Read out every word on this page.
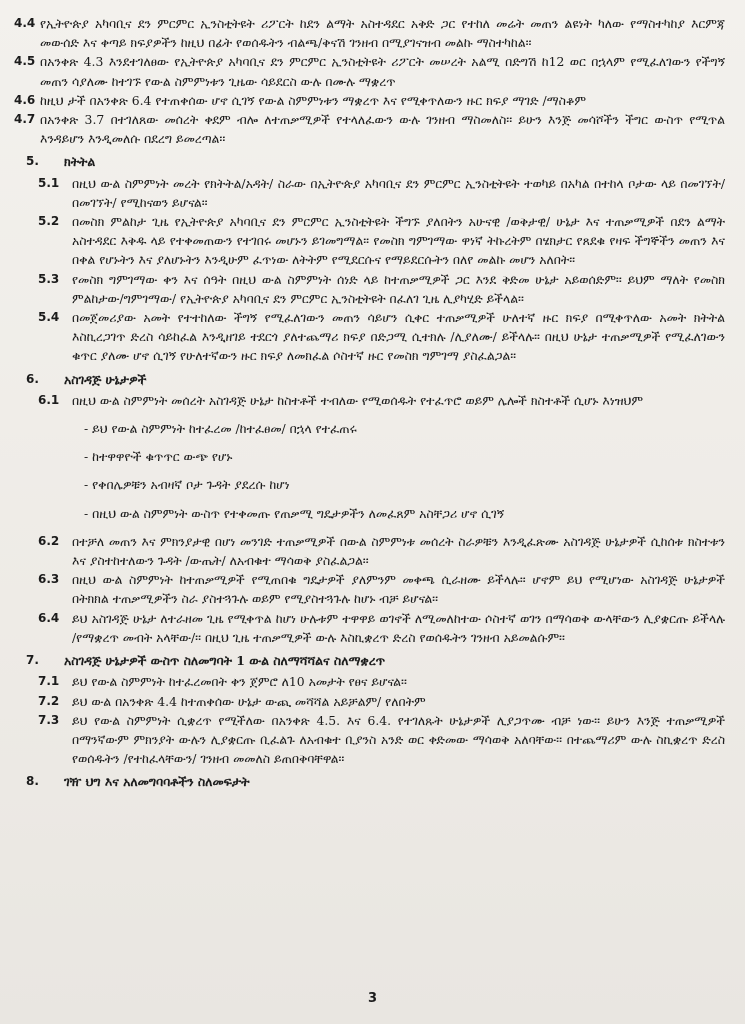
4.4 የኢትዮጵያ አካባቢና ደን ምርምር ኢንስቲትዩት ሪፖርት ከደን ልማት አስተዳደር አቅድ ጋር የተከለ መሬት መጠን ልዩነት ካለው የማስተካከያ እርምጃ መውሰድ እና ቀጣይ ክፍያዎችን ከዚህ በፊት የወሰዱትን ብልጫ/ቅናሽ ገንዘብ በሚያገናዝብ መልኩ ማስተካከል፡፡
4.5 በአንቀጽ 4.3 እንደተገለፀው የኢትዮጵያ አካባቢና ደን ምርምር ኢንስቲትዩት ሪፖርት መሠረት አልሚ በድግሽ ከ12 ወር በኋላም የሚፈለገውን የችግኝ መጠን ሳያለሙ ከተገኙ የውል ስምምነቱን ጊዜው ሳይደርስ ውሉ በሙሉ ማቋረጥ
4.6 ከዚህ ታች በአንቀጽ 6.4 የተጠቀሰው ሆኖ ሲገኝ የውል ስምምነቱን ማቋረጥ እና የሚቀጥለውን ዙር ክፍያ ማገድ /ማስቆም
4.7 በአንቀጽ 3.7 በተገለጸው መሰረት ቀደም ብሎ ለተጠቃሚዎች የተላለፈውን ውሉ ገንዘብ ማስመለስ፡፡ ይሁን እንጅ መሳሾችን ችግር ውስጥ የሚጥል እንዳይሆን እንዲመለሱ በደረግ ይመረጣል፡፡
5. ክትትል
5.1 በዚህ ውል ስምምነት መረት የክትትል/አዳት/ ስራው በኢትዮጵያ አካባቢና ደን ምርምር ኢንስቲትዩት ተወካይ በአካል በተከላ ቦታው ላይ በመገኘት/በመገኘት/ የሚከናወን ይሆናል፡፡
5.2 በመስክ ምልከታ ጊዜ የኢትዮጵያ አካባቢና ደን ምርምር ኢንስቲትዩት ችግኙ ያለበትን አሁናዊ /ወቅታዊ/ ሁኔታ እና ተጠቃሚዎች በደን ልማት አስተዳደር እቅዱ ላይ የተቀመጠውን የተገበሩ መሆኑን ይገመግማል፡፡ የመስክ ግምገማው ዋነኛ ትኩረትም በሄክታር የጸደቁ የዛፍ ችግኞችን መጠን እና በቀል የሆኑትን እና ያለሆኑትን እንዲሁም ፈጥነው ለትትም የሚደርሱና የማይደርሱትን በለየ መልኩ መሆን አለበት፡፡
5.3 የመስክ ግምገማው ቀን እና ሰዓት በዚህ ውል ስምምነት ሰነድ ላይ ከተጠቃሚዎች ጋር እንደ ቅድመ ሁኔታ አይወሰድም፡፡ ይህም ማለት የመስክ ምልከታው/ግምገማው/ የኢትዮጵያ አካባቢና ደን ምርምር ኢንስቲትዩት በፈለገ ጊዜ ሊያካሂድ ይችላል፡፡
5.4 በመጀመሪያው አመት የተተከለው ችግኝ የሚፈለገውን መጠን ሳይሆን ሲቀር ተጠቃሚዎች ሁለተኛ ዙር ክፍያ በሚቀጥለው አመት ክትትል እስኪረጋገጥ ድረስ ሳይከፈል እንዲዘገይ ተደርጎ ያለተጨማሪ ክፍያ በድጋሚ ሲተክሉ /ሊያለሙ/ ይችላሉ፡፡ በዚህ ሁኔታ ተጠቃሚዎች የሚፈለገውን ቁጥር ያለሙ ሆኖ ሲገኝ የሁለተኛውን ዙር ክፍያ ለመክፈል ሶስተኛ ዙር የመስክ ግምገማ ያስፈልጋል፡፡
6. አስገዳጅ ሁኔታዎች
6.1 በዚህ ውል ስምምነት መሰረት አስገዳጅ ሁኔታ ከስተቶች ተብለው የሚወሰዱት የተፈጥሮ ወይም ሌሎች ክስተቶች ሲሆኑ እነዝህም
- ይህ የውል ስምምነት ከተፈረመ /ከተፈፀመ/ በኋላ የተፈጠሩ
- ከተዋዋዮች ቁጥጥር ውጭ የሆኑ
- የቀበሌዎቹን አብዛኛ ቦታ ጉዳት ያደረሱ ከሆነ
- በዚህ ውል ስምምነት ውስጥ የተቀመጡ የጠቃሚ ግዴታዎችን ለመፈጸም አስቸጋሪ ሆኖ ሲገኝ
6.2 በተቻለ መጠን እና ምክንያታዊ በሆነ መንገድ ተጠቃሚዎች በውል ስምምነቱ መሰረት ስራዎቹን እንዲፈጽሙ አስገዳጅ ሁኔታዎች ሲከሰቱ ክስተቱን እና ያስተከተለውን ጉዳት /ውጤት/ ለአብቁተ ማሳወቅ ያስፈልጋል፡፡
6.3 በዚህ ውል ስምምነት ከተጠቃሚዎች የሚጠበቁ ግዴታዎች ያለምንም መቀጫ ሲራዘሙ ይችላሉ፡፡ ሆኖም ይህ የሚሆነው አስገዳጅ ሁኔታዎች በትክክል ተጠቃሚዎችን ስራ ያስተጓጉሉ ወይም የሚያስተጓጉሉ ከሆኑ ብቻ ይሆናል፡፡
6.4 ይህ አስገዳጅ ሁኔታ ለተራዘመ ጊዜ የሚቀጥል ከሆነ ሁሉቱም ተዋዋይ ወገኖች ለሚመለከተው ሶስተኛ ወገን በማሳወቅ ውላቸውን ሊያቋርጡ ይችላሉ /የማቋረጥ መብት አላቸው/፡፡ በዚህ ጊዜ ተጠቃሚዎች ውሉ እስኪቋረጥ ድረስ የወሰዱትን ገንዘብ አይመልሱም፡፡
7. አስገዳጅ ሁኔታዎች ውስጥ ስለመግባት 1 ውል ስለማሻሻልና ስለማቋረጥ
7.1 ይህ የውል ስምምነት ከተፈረመበት ቀን ጀምሮ ለ10 አመታት የፀና ይሆናል፡፡
7.2 ይህ ውል በአንቀጽ 4.4 ከተጠቀሰው ሁኔታ ውጪ መሻሻል አይቻልም/ የለበትም
7.3 ይህ የውል ስምምነት ሲቋረጥ የሚችለው በአንቀጽ 4.5. እና 6.4. የተገለጹት ሁኔታዎች ሊያጋጥሙ ብቻ ነው፡፡ ይሁን እንጅ ተጠቃሚዎች በማንኛውም ምክንያት ውሉን ሊያቋርጡ ቢፈልጉ ለአብቁተ ቢያንስ አንድ ወር ቀድመው ማሳወቅ አለባቸው፡፡ በተጨማሪም ውሉ ስኪቋረጥ ድረስ የወሰዱትን /የተከፈላቸውን/ ገንዘብ መመለስ ይጠበቅባቸዋል፡፡
8. ገዥ ህግ እና አለመግባባቶችን ስለመፍታት
3
